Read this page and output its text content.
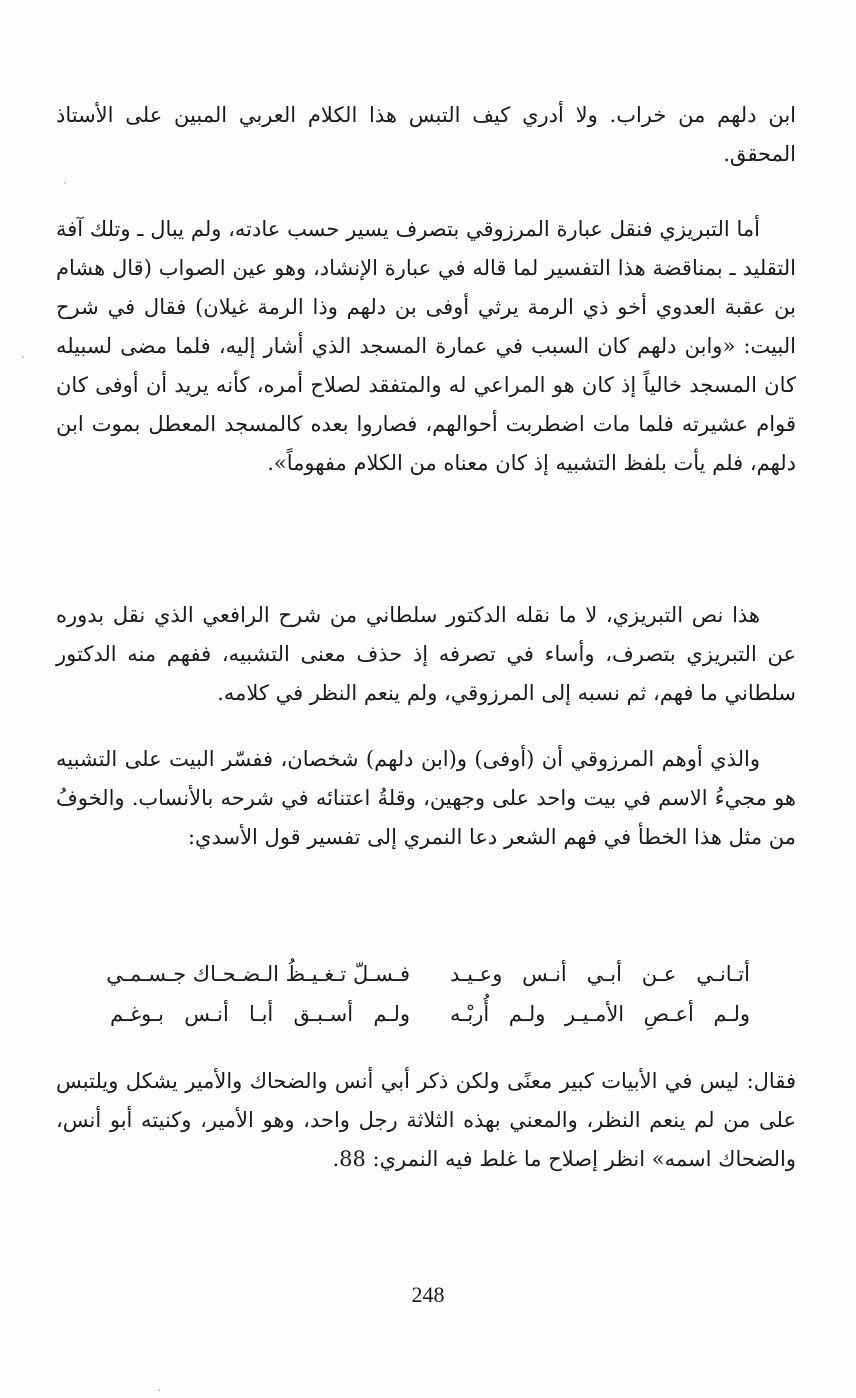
ابن دلهم من خراب. ولا أدري كيف التبس هذا الكلام العربي المبين على الأستاذ المحقق.

أما التبريزي فنقل عبارة المرزوقي بتصرف يسير حسب عادته، ولم يبال ـ وتلك آفة التقليد ـ بمناقضة هذا التفسير لما قاله في عبارة الإنشاد، وهو عين الصواب (قال هشام بن عقبة العدوي أخو ذي الرمة يرثي أوفى بن دلهم وذا الرمة غيلان) فقال في شرح البيت: «وابن دلهم كان السبب في عمارة المسجد الذي أشار إليه، فلما مضى لسبيله كان المسجد خالياً إذ كان هو المراعي له والمتفقد لصلاح أمره، كأنه يريد أن أوفى كان قوام عشيرته فلما مات اضطربت أحوالهم، فصاروا بعده كالمسجد المعطل بموت ابن دلهم، فلم يأت بلفظ التشبيه إذ كان معناه من الكلام مفهوماً».

هذا نص التبريزي، لا ما نقله الدكتور سلطاني من شرح الرافعي الذي نقل بدوره عن التبريزي بتصرف، وأساء في تصرفه إذ حذف معنى التشبيه، ففهم منه الدكتور سلطاني ما فهم، ثم نسبه إلى المرزوقي، ولم ينعم النظر في كلامه.

والذي أوهم المرزوقي أن (أوفى) و(ابن دلهم) شخصان، ففسّر البيت على التشبيه هو مجيءُ الاسم في بيت واحد على وجهين، وقلةُ اعتنائه في شرحه بالأنساب. والخوفُ من مثل هذا الخطأ في فهم الشعر دعا النمري إلى تفسير قول الأسدي:

أتـانـي عـن أبـي أنـس وعـيـد
فـسـلّ تـغـيـظُ الـضـحـاك جـسـمـي
ولـم أعـصِ الأمـيـر ولـم أُربْـه
ولـم أسـبـق أبـا أنـس بـوغـم

فقال: ليس في الأبيات كبير معنًى ولكن ذكر أبي أنس والضحاك والأمير يشكل ويلتبس على من لم ينعم النظر، والمعني بهذه الثلاثة رجل واحد، وهو الأمير، وكنيته أبو أنس، والضحاك اسمه» انظر إصلاح ما غلط فيه النمري: 88.

248
